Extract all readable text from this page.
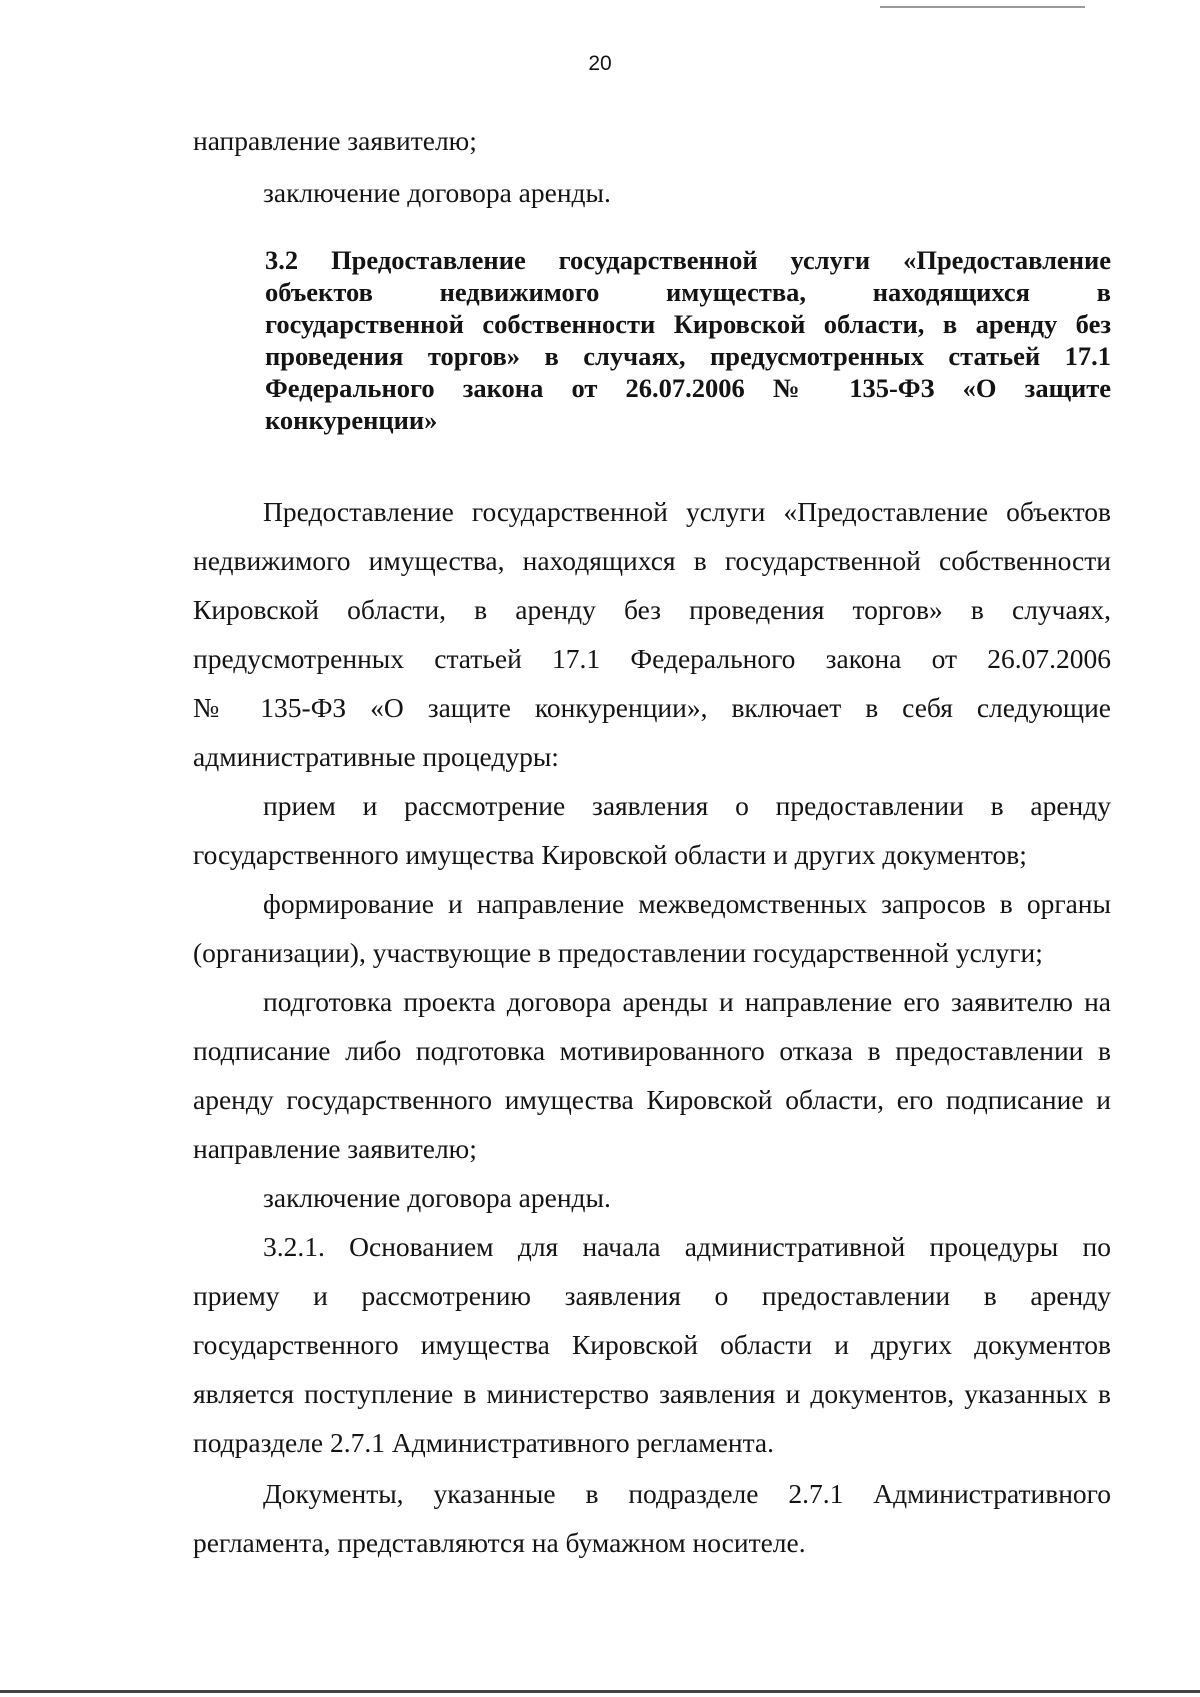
20
направление заявителю;
заключение договора аренды.
3.2 Предоставление государственной услуги «Предоставление
объектов недвижимого имущества, находящихся в
государственной собственности Кировской области, в аренду без
проведения торгов» в случаях, предусмотренных статьей 17.1
Федерального закона от 26.07.2006 № 135-ФЗ «О защите
конкуренции»
Предоставление государственной услуги «Предоставление объектов
недвижимого имущества, находящихся в государственной собственности
Кировской области, в аренду без проведения торгов» в случаях,
предусмотренных статьей 17.1 Федерального закона от 26.07.2006
№ 135-ФЗ «О защите конкуренции», включает в себя следующие
административные процедуры:
прием и рассмотрение заявления о предоставлении в аренду
государственного имущества Кировской области и других документов;
формирование и направление межведомственных запросов в органы
(организации), участвующие в предоставлении государственной услуги;
подготовка проекта договора аренды и направление его заявителю на
подписание либо подготовка мотивированного отказа в предоставлении в
аренду государственного имущества Кировской области, его подписание и
направление заявителю;
заключение договора аренды.
3.2.1. Основанием для начала административной процедуры по
приему и рассмотрению заявления о предоставлении в аренду
государственного имущества Кировской области и других документов
является поступление в министерство заявления и документов, указанных в
подразделе 2.7.1 Административного регламента.
Документы, указанные в подразделе 2.7.1 Административного
регламента, представляются на бумажном носителе.
